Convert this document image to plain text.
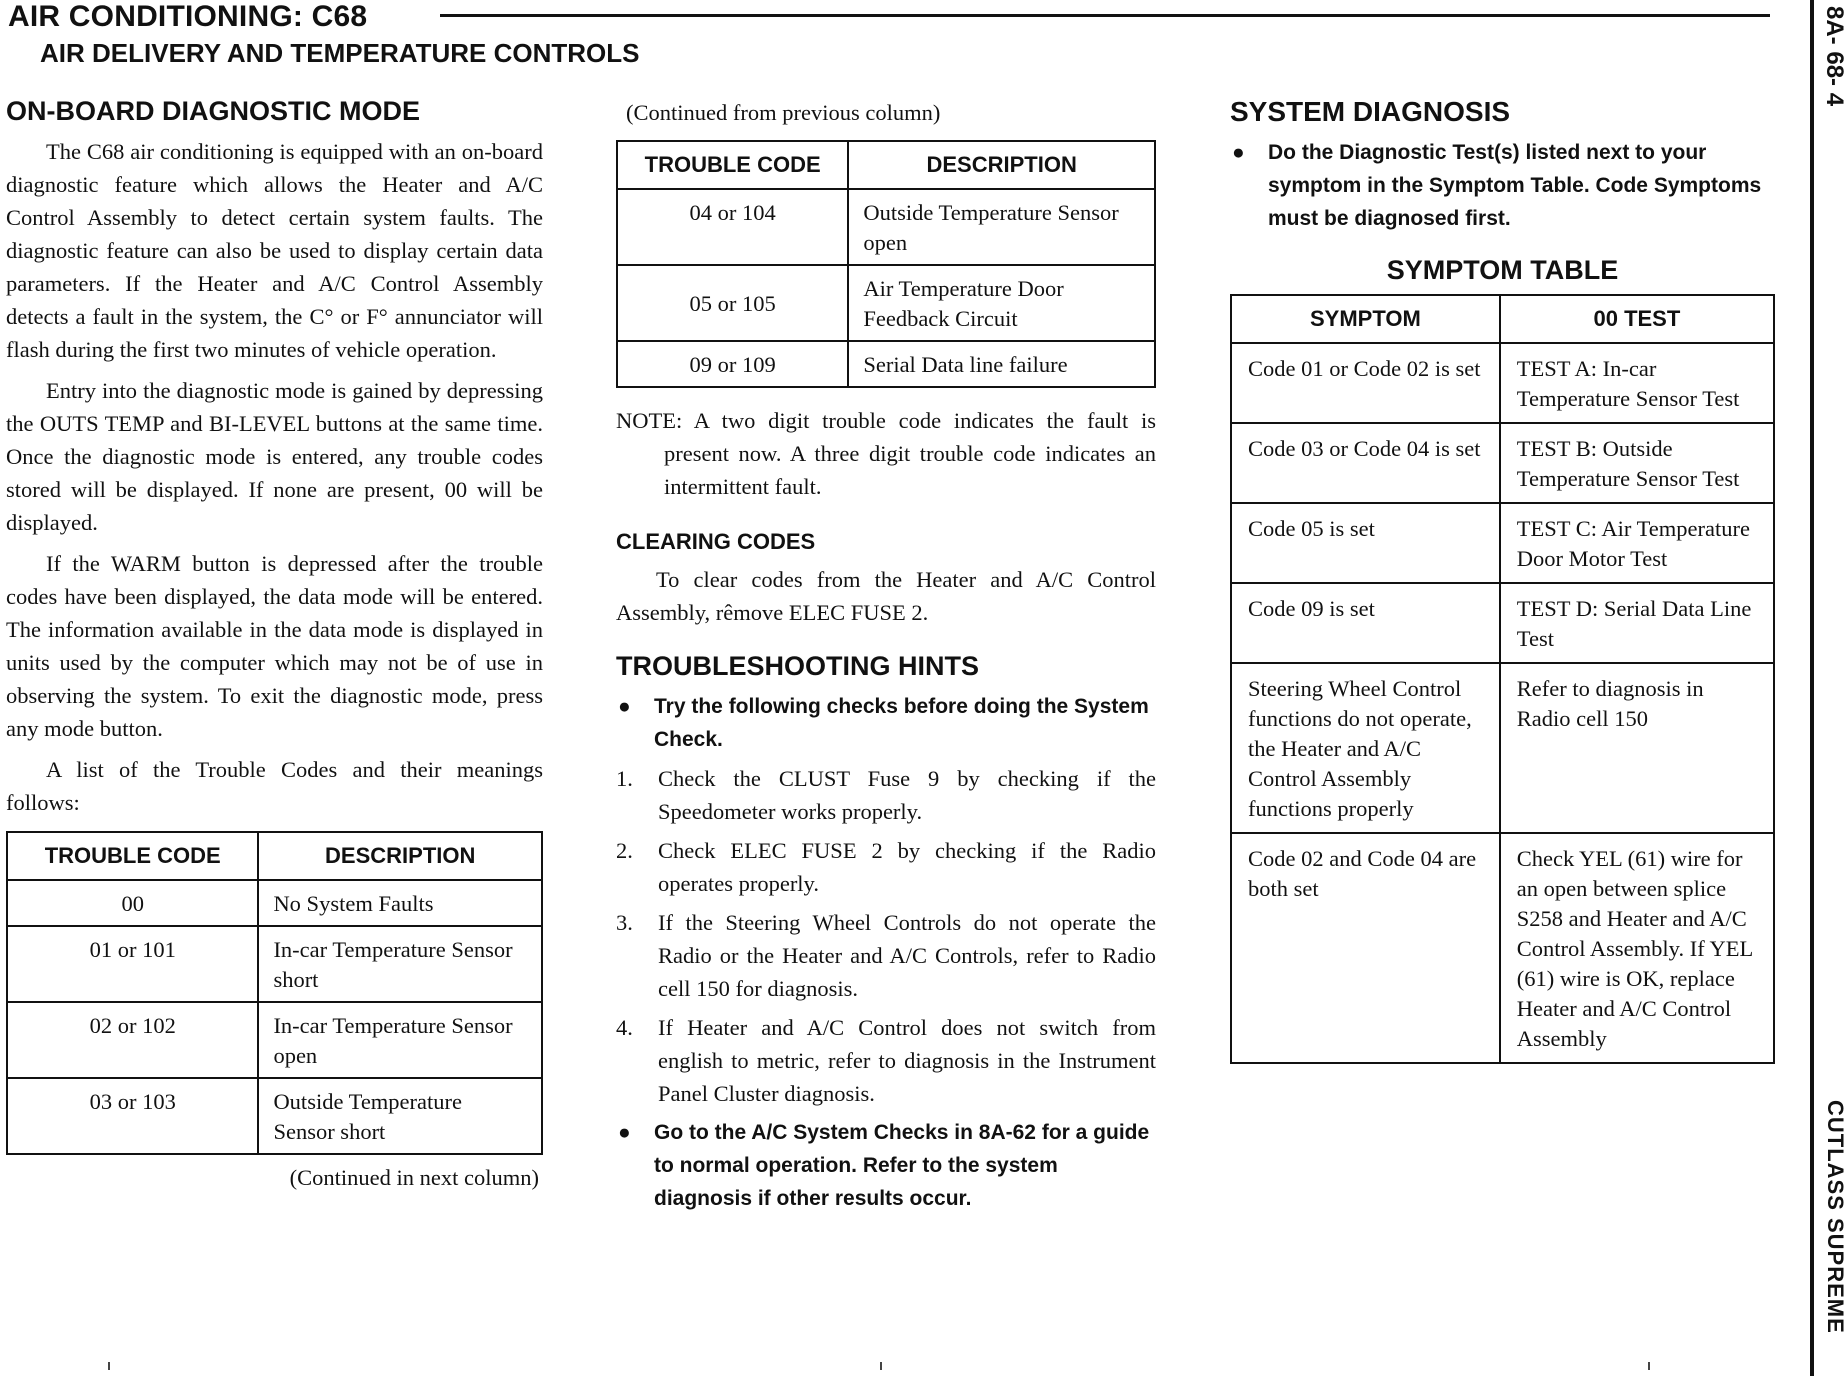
AIR CONDITIONING: C68
AIR DELIVERY AND TEMPERATURE CONTROLS	8A- 68- 4
CUTLASS SUPREME
ON-BOARD DIAGNOSTIC MODE

The C68 air conditioning is equipped with an on-board diagnostic feature which allows the Heater and A/C Control Assembly to detect certain system faults. The diagnostic feature can also be used to display certain data parameters. If the Heater and A/C Control Assembly detects a fault in the system, the C° or F° annunciator will flash during the first two minutes of vehicle operation.

Entry into the diagnostic mode is gained by depressing the OUTS TEMP and BI-LEVEL buttons at the same time. Once the diagnostic mode is entered, any trouble codes stored will be displayed. If none are present, 00 will be displayed.

If the WARM button is depressed after the trouble codes have been displayed, the data mode will be entered. The information available in the data mode is displayed in units used by the computer which may not be of use in observing the system. To exit the diagnostic mode, press any mode button.

A list of the Trouble Codes and their meanings follows:

TROUBLE CODE	DESCRIPTION
00	No System Faults
01 or 101	In-car Temperature Sensor short
02 or 102	In-car Temperature Sensor open
03 or 103	Outside Temperature Sensor short

(Continued in next column)

(Continued from previous column)

TROUBLE CODE	DESCRIPTION
04 or 104	Outside Temperature Sensor open
05 or 105	Air Temperature Door Feedback Circuit
09 or 109	Serial Data line failure
NOTE: A two digit trouble code indicates the fault is present now. A three digit trouble code indicates an intermittent fault.
CLEARING CODES

To clear codes from the Heater and A/C Control Assembly, rêmove ELEC FUSE 2.

TROUBLESHOOTING HINTS
● Try the following checks before doing the System Check.
1. Check the CLUST Fuse 9 by checking if the Speedometer works properly.
2. Check ELEC FUSE 2 by checking if the Radio operates properly.
3. If the Steering Wheel Controls do not operate the Radio or the Heater and A/C Controls, refer to Radio cell 150 for diagnosis.
4. If Heater and A/C Control does not switch from english to metric, refer to diagnosis in the Instrument Panel Cluster diagnosis.
● Go to the A/C System Checks in 8A-62 for a guide to normal operation. Refer to the system diagnosis if other results occur.
SYSTEM DIAGNOSIS
● Do the Diagnostic Test(s) listed next to your symptom in the Symptom Table. Code Symptoms must be diagnosed first.
SYMPTOM TABLE
SYMPTOM	00 TEST
Code 01 or Code 02 is set	TEST A: In-car Temperature Sensor Test
Code 03 or Code 04 is set	TEST B: Outside Temperature Sensor Test
Code 05 is set	TEST C: Air Temperature Door Motor Test
Code 09 is set	TEST D: Serial Data Line Test
Steering Wheel Control functions do not operate, the Heater and A/C Control Assembly functions properly	Refer to diagnosis in Radio cell 150
Code 02 and Code 04 are both set	Check YEL (61) wire for an open between splice S258 and Heater and A/C Control Assembly. If YEL (61) wire is OK, replace Heater and A/C Control Assembly
